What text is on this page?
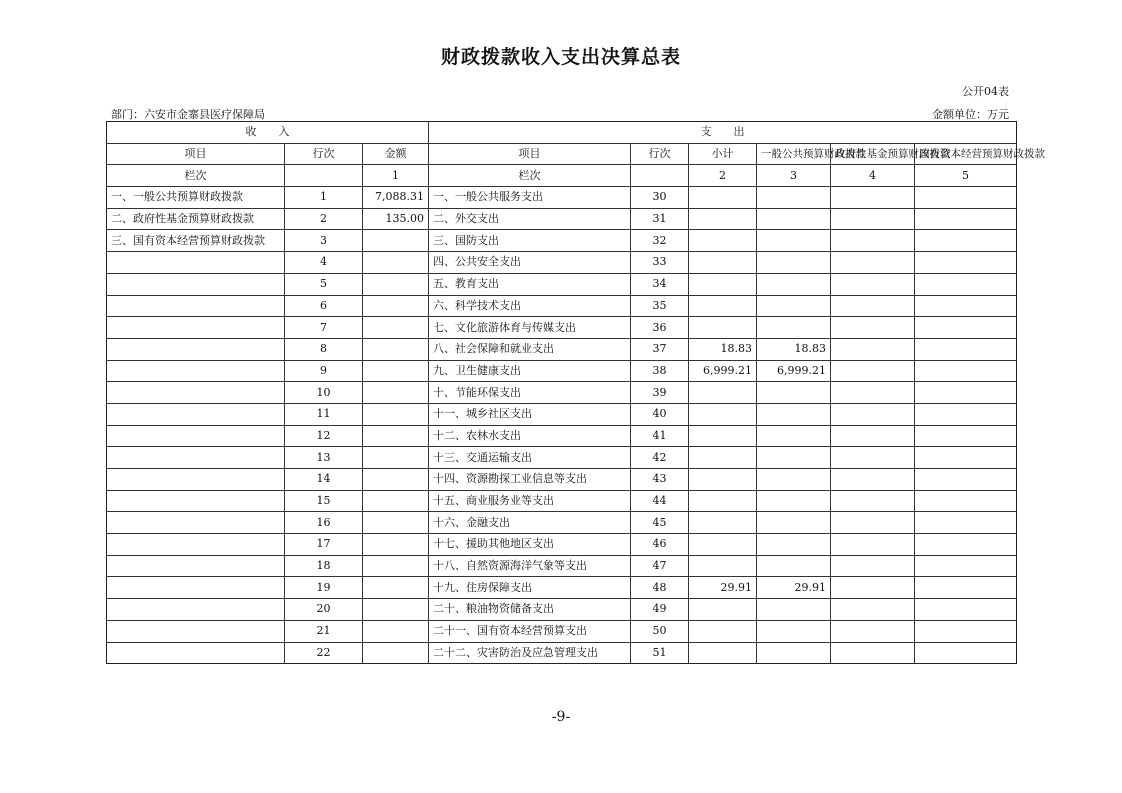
财政拨款收入支出决算总表
公开04表
部门：六安市金寨县医疗保障局	金额单位：万元
收　　入			支　　出					
项目	行次	金额	项目	行次	小计	一般公共预算财政拨款	政府性基金预算财政拨款	国有资本经营预算财政拨款
栏次		1	栏次		2	3	4	5
一、一般公共预算财政拨款	1	7,088.31	一、一般公共服务支出	30				
二、政府性基金预算财政拨款	2	135.00	二、外交支出	31				
三、国有资本经营预算财政拨款	3		三、国防支出	32				
	4		四、公共安全支出	33				
	5		五、教育支出	34				
	6		六、科学技术支出	35				
	7		七、文化旅游体育与传媒支出	36				
	8		八、社会保障和就业支出	37	18.83	18.83		
	9		九、卫生健康支出	38	6,999.21	6,999.21		
	10		十、节能环保支出	39				
	11		十一、城乡社区支出	40				
	12		十二、农林水支出	41				
	13		十三、交通运输支出	42				
	14		十四、资源勘探工业信息等支出	43				
	15		十五、商业服务业等支出	44				
	16		十六、金融支出	45				
	17		十七、援助其他地区支出	46				
	18		十八、自然资源海洋气象等支出	47				
	19		十九、住房保障支出	48	29.91	29.91		
	20		二十、粮油物资储备支出	49				
	21		二十一、国有资本经营预算支出	50				
	22		二十二、灾害防治及应急管理支出	51				
-9-
